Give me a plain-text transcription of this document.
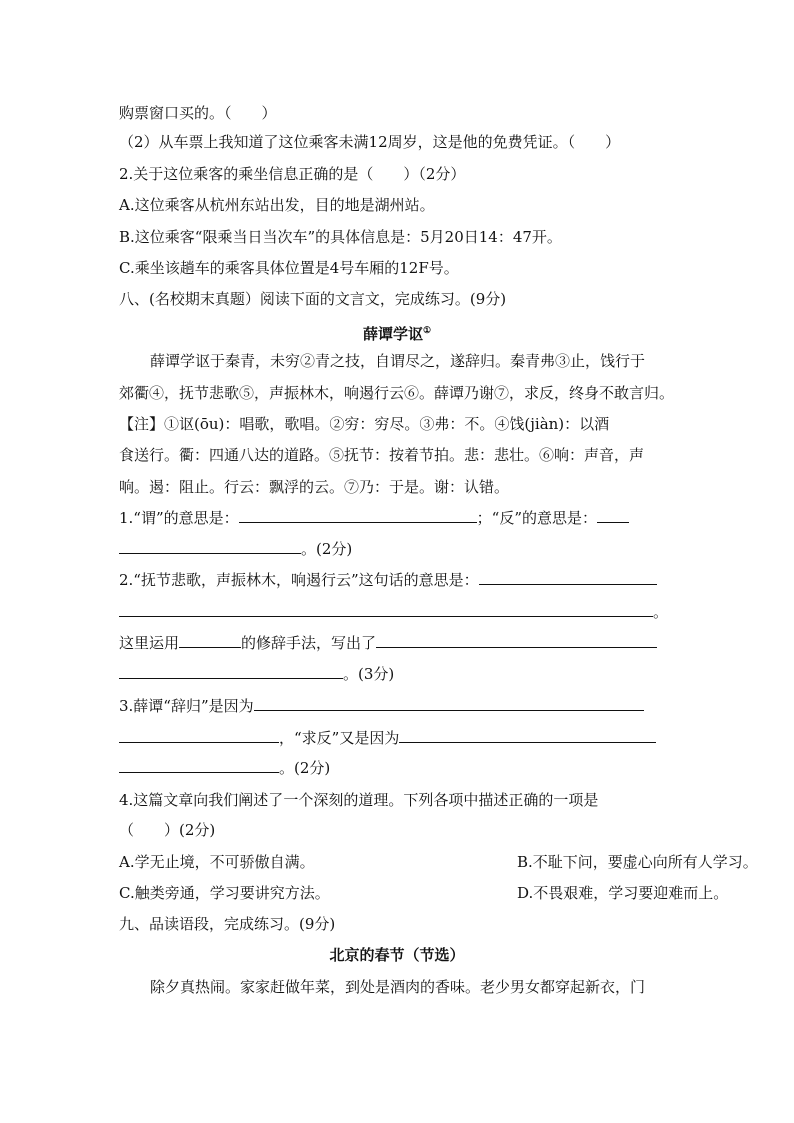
购票窗口买的。（　　）
（2）从车票上我知道了这位乘客未满12周岁，这是他的免费凭证。（　　）
2.关于这位乘客的乘坐信息正确的是（　　）（2分）
A.这位乘客从杭州东站出发，目的地是湖州站。
B.这位乘客“限乘当日当次车”的具体信息是：5月20日14：47开。
C.乘坐该趟车的乘客具体位置是4号车厢的12F号。
八、(名校期末真题）阅读下面的文言文，完成练习。(9分)
薛谭学讴①
薛谭学讴于秦青，未穷②青之技，自谓尽之，遂辞归。秦青弗③止，饯行于
郊衢④，抚节悲歌⑤，声振林木，响遏行云⑥。薛谭乃谢⑦，求反，终身不敢言归。
【注】①讴(ōu)：唱歌，歌唱。②穷：穷尽。③弗：不。④饯(jiàn)：以酒
食送行。衢：四通八达的道路。⑤抚节：按着节拍。悲：悲壮。⑥响：声音，声
响。遏：阻止。行云：飘浮的云。⑦乃：于是。谢：认错。
1.“谓”的意思是：	；“反”的意思是：
。(2分)
2.“抚节悲歌，声振林木，响遏行云”这句话的意思是：
。
这里运用	的修辞手法，写出了
。(3分)
3.薛谭“辞归”是因为
，“求反”又是因为
。(2分)
4.这篇文章向我们阐述了一个深刻的道理。下列各项中描述正确的一项是
（　　）(2分)
A.学无止境，不可骄傲自满。	B.不耻下问，要虚心向所有人学习。
C.触类旁通，学习要讲究方法。	D.不畏艰难，学习要迎难而上。
九、品读语段，完成练习。(9分)
北京的春节（节选）
除夕真热闹。家家赶做年菜，到处是酒肉的香味。老少男女都穿起新衣，门
